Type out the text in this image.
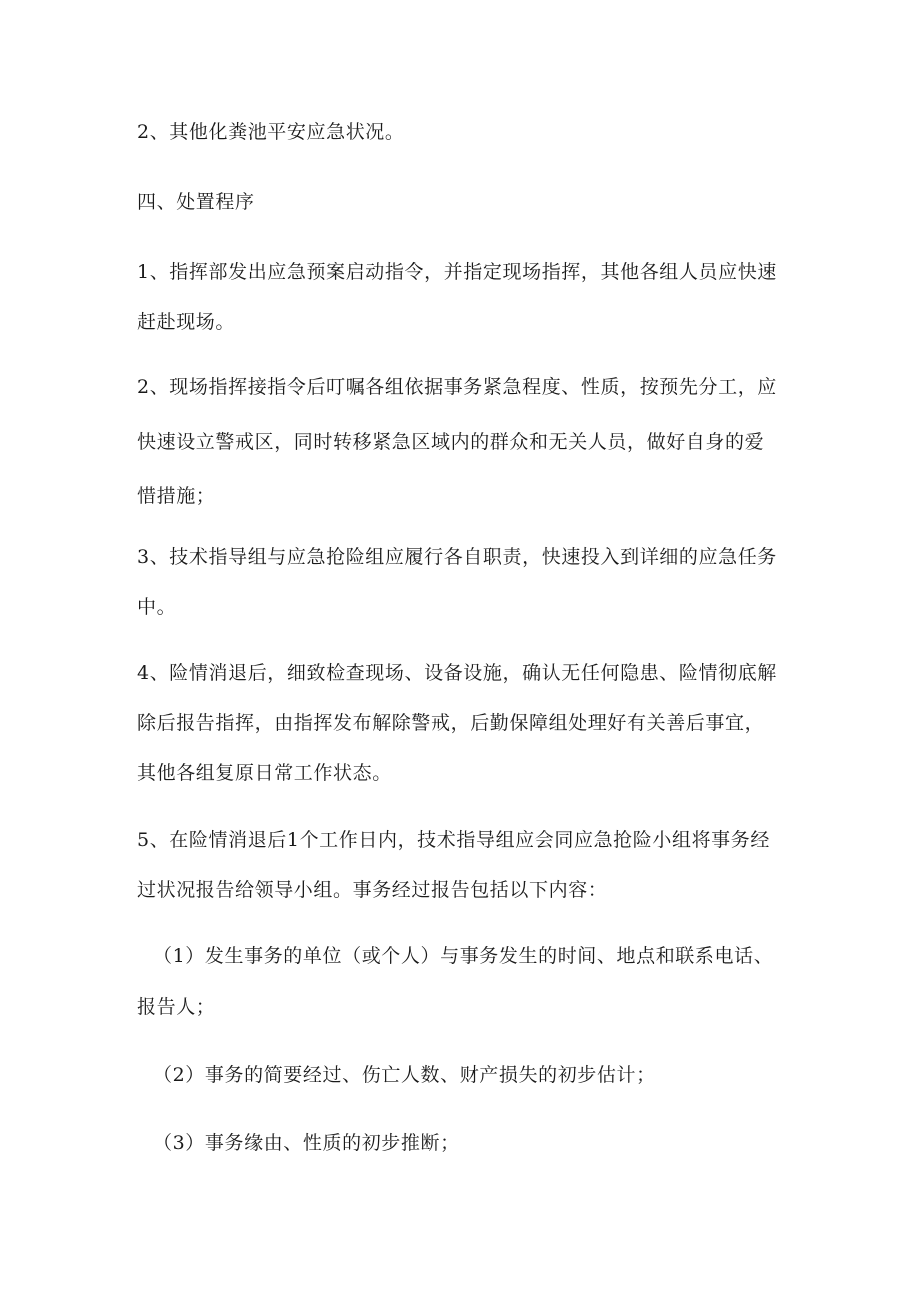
2、其他化粪池平安应急状况。
四、处置程序
1、指挥部发出应急预案启动指令，并指定现场指挥，其他各组人员应快速
赶赴现场。
2、现场指挥接指令后叮嘱各组依据事务紧急程度、性质，按预先分工，应
快速设立警戒区，同时转移紧急区域内的群众和无关人员，做好自身的爱
惜措施；
3、技术指导组与应急抢险组应履行各自职责，快速投入到详细的应急任务
中。
4、险情消退后，细致检查现场、设备设施，确认无任何隐患、险情彻底解
除后报告指挥，由指挥发布解除警戒，后勤保障组处理好有关善后事宜，
其他各组复原日常工作状态。
5、在险情消退后1个工作日内，技术指导组应会同应急抢险小组将事务经
过状况报告给领导小组。事务经过报告包括以下内容：
（1）发生事务的单位（或个人）与事务发生的时间、地点和联系电话、
报告人；
（2）事务的简要经过、伤亡人数、财产损失的初步估计；
（3）事务缘由、性质的初步推断；
